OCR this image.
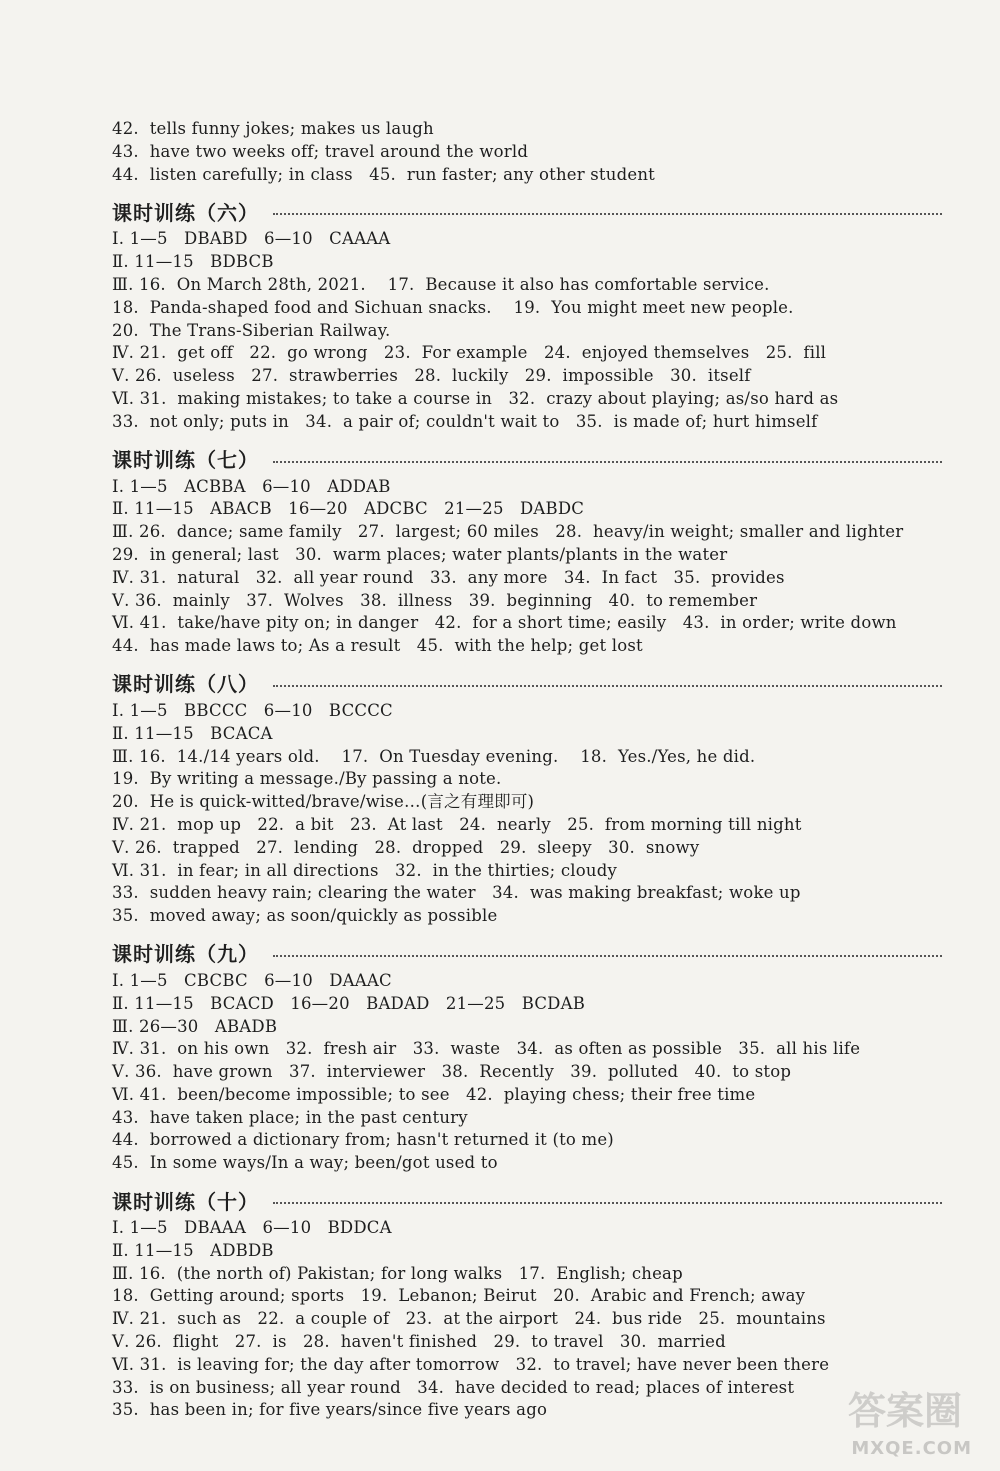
42.  tells funny jokes; makes us laugh
43.  have two weeks off; travel around the world
44.  listen carefully; in class   45.  run faster; any other student
课时训练（六）
Ⅰ. 1—5   DBABD   6—10   CAAAA
Ⅱ. 11—15   BDBCB
Ⅲ. 16.  On March 28th, 2021.    17.  Because it also has comfortable service.
18.  Panda-shaped food and Sichuan snacks.    19.  You might meet new people.
20.  The Trans-Siberian Railway.
Ⅳ. 21.  get off   22.  go wrong   23.  For example   24.  enjoyed themselves   25.  fill
Ⅴ. 26.  useless   27.  strawberries   28.  luckily   29.  impossible   30.  itself
Ⅵ. 31.  making mistakes; to take a course in   32.  crazy about playing; as/so hard as
33.  not only; puts in   34.  a pair of; couldn't wait to   35.  is made of; hurt himself
课时训练（七）
Ⅰ. 1—5   ACBBA   6—10   ADDAB
Ⅱ. 11—15   ABACB   16—20   ADCBC   21—25   DABDC
Ⅲ. 26.  dance; same family   27.  largest; 60 miles   28.  heavy/in weight; smaller and lighter
29.  in general; last   30.  warm places; water plants/plants in the water
Ⅳ. 31.  natural   32.  all year round   33.  any more   34.  In fact   35.  provides
Ⅴ. 36.  mainly   37.  Wolves   38.  illness   39.  beginning   40.  to remember
Ⅵ. 41.  take/have pity on; in danger   42.  for a short time; easily   43.  in order; write down
44.  has made laws to; As a result   45.  with the help; get lost
课时训练（八）
Ⅰ. 1—5   BBCCC   6—10   BCCCC
Ⅱ. 11—15   BCACA
Ⅲ. 16.  14./14 years old.    17.  On Tuesday evening.    18.  Yes./Yes, he did.
19.  By writing a message./By passing a note.
20.  He is quick-witted/brave/wise…(言之有理即可)
Ⅳ. 21.  mop up   22.  a bit   23.  At last   24.  nearly   25.  from morning till night
Ⅴ. 26.  trapped   27.  lending   28.  dropped   29.  sleepy   30.  snowy
Ⅵ. 31.  in fear; in all directions   32.  in the thirties; cloudy
33.  sudden heavy rain; clearing the water   34.  was making breakfast; woke up
35.  moved away; as soon/quickly as possible
课时训练（九）
Ⅰ. 1—5   CBCBC   6—10   DAAAC
Ⅱ. 11—15   BCACD   16—20   BADAD   21—25   BCDAB
Ⅲ. 26—30   ABADB
Ⅳ. 31.  on his own   32.  fresh air   33.  waste   34.  as often as possible   35.  all his life
Ⅴ. 36.  have grown   37.  interviewer   38.  Recently   39.  polluted   40.  to stop
Ⅵ. 41.  been/become impossible; to see   42.  playing chess; their free time
43.  have taken place; in the past century
44.  borrowed a dictionary from; hasn't returned it (to me)
45.  In some ways/In a way; been/got used to
课时训练（十）
Ⅰ. 1—5   DBAAA   6—10   BDDCA
Ⅱ. 11—15   ADBDB
Ⅲ. 16.  (the north of) Pakistan; for long walks   17.  English; cheap
18.  Getting around; sports   19.  Lebanon; Beirut   20.  Arabic and French; away
Ⅳ. 21.  such as   22.  a couple of   23.  at the airport   24.  bus ride   25.  mountains
Ⅴ. 26.  flight   27.  is   28.  haven't finished   29.  to travel   30.  married
Ⅵ. 31.  is leaving for; the day after tomorrow   32.  to travel; have never been there
33.  is on business; all year round   34.  have decided to read; places of interest
35.  has been in; for five years/since five years ago	答案圈
MXQE.COM
